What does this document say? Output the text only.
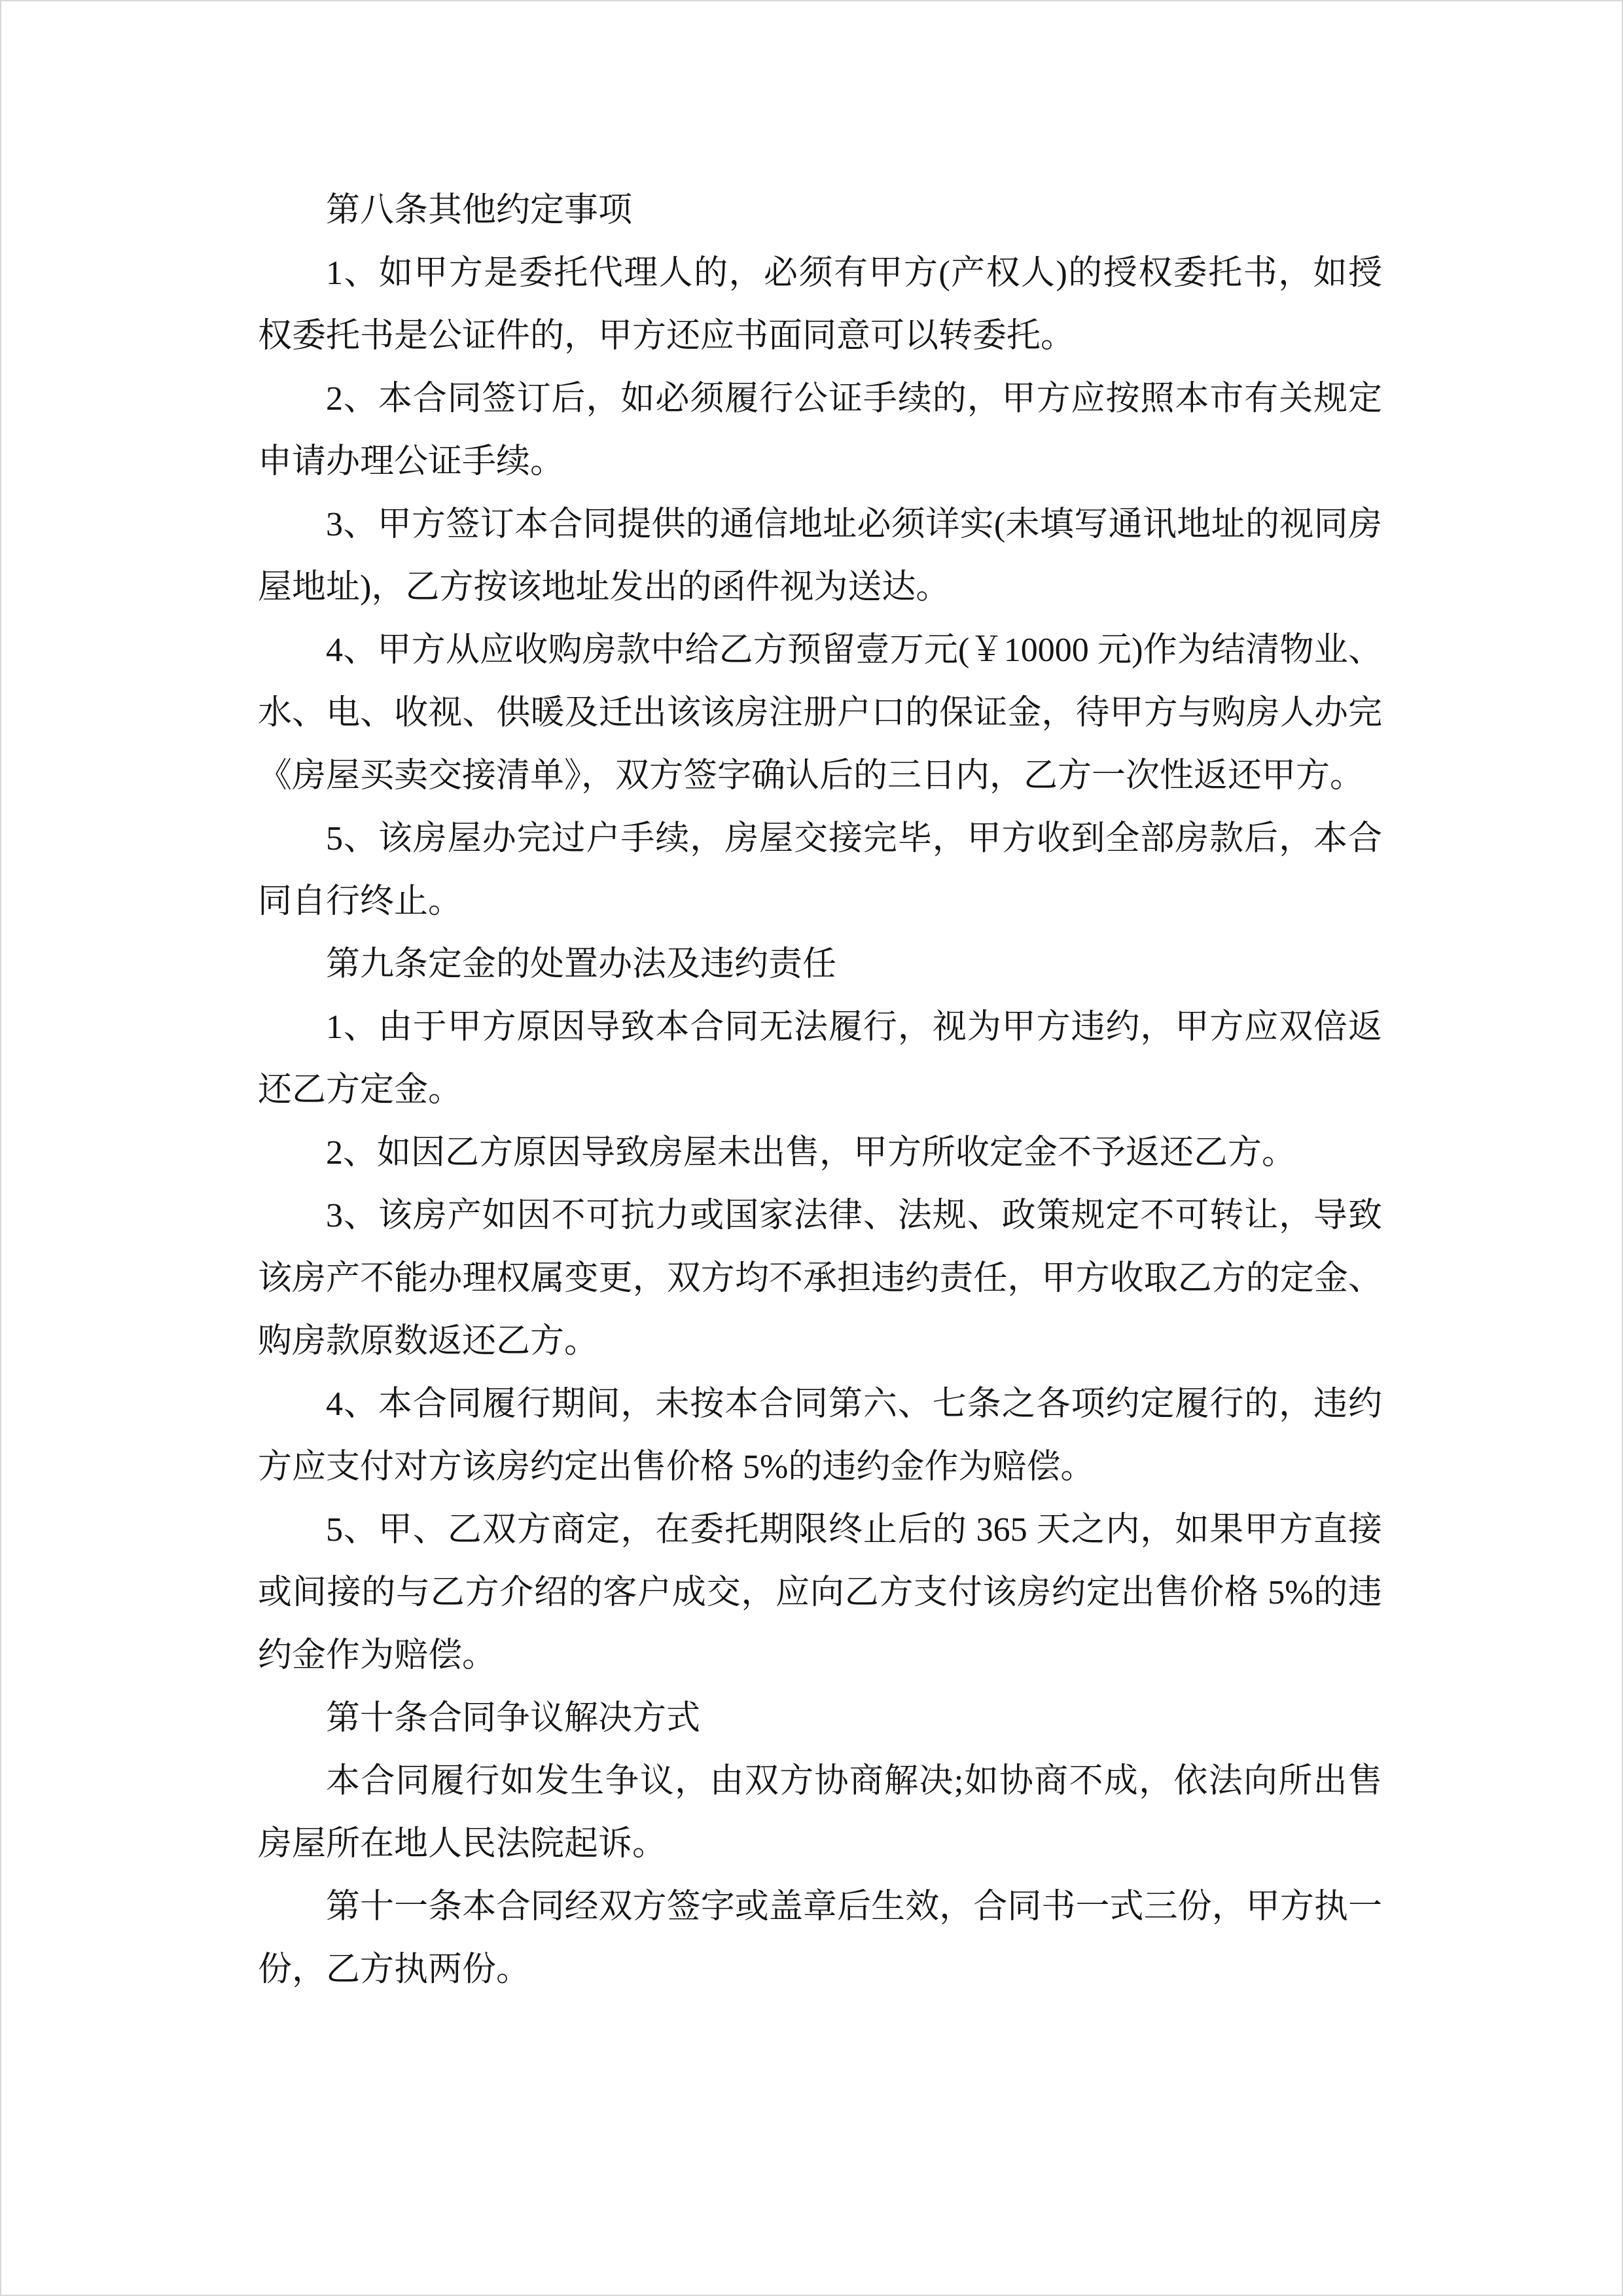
第八条其他约定事项

1、如甲方是委托代理人的，必须有甲方(产权人)的授权委托书，如授权委托书是公证件的，甲方还应书面同意可以转委托。

2、本合同签订后，如必须履行公证手续的，甲方应按照本市有关规定申请办理公证手续。

3、甲方签订本合同提供的通信地址必须详实(未填写通讯地址的视同房屋地址)，乙方按该地址发出的函件视为送达。

4、甲方从应收购房款中给乙方预留壹万元(￥10000 元)作为结清物业、水、电、收视、供暖及迁出该该房注册户口的保证金，待甲方与购房人办完《房屋买卖交接清单》，双方签字确认后的三日内，乙方一次性返还甲方。

5、该房屋办完过户手续，房屋交接完毕，甲方收到全部房款后，本合同自行终止。

第九条定金的处置办法及违约责任

1、由于甲方原因导致本合同无法履行，视为甲方违约，甲方应双倍返还乙方定金。

2、如因乙方原因导致房屋未出售，甲方所收定金不予返还乙方。

3、该房产如因不可抗力或国家法律、法规、政策规定不可转让，导致该房产不能办理权属变更，双方均不承担违约责任，甲方收取乙方的定金、购房款原数返还乙方。

4、本合同履行期间，未按本合同第六、七条之各项约定履行的，违约方应支付对方该房约定出售价格 5%的违约金作为赔偿。

5、甲、乙双方商定，在委托期限终止后的 365 天之内，如果甲方直接或间接的与乙方介绍的客户成交，应向乙方支付该房约定出售价格 5%的违约金作为赔偿。

第十条合同争议解决方式

本合同履行如发生争议，由双方协商解决;如协商不成，依法向所出售房屋所在地人民法院起诉。

第十一条本合同经双方签字或盖章后生效，合同书一式三份，甲方执一份，乙方执两份。
